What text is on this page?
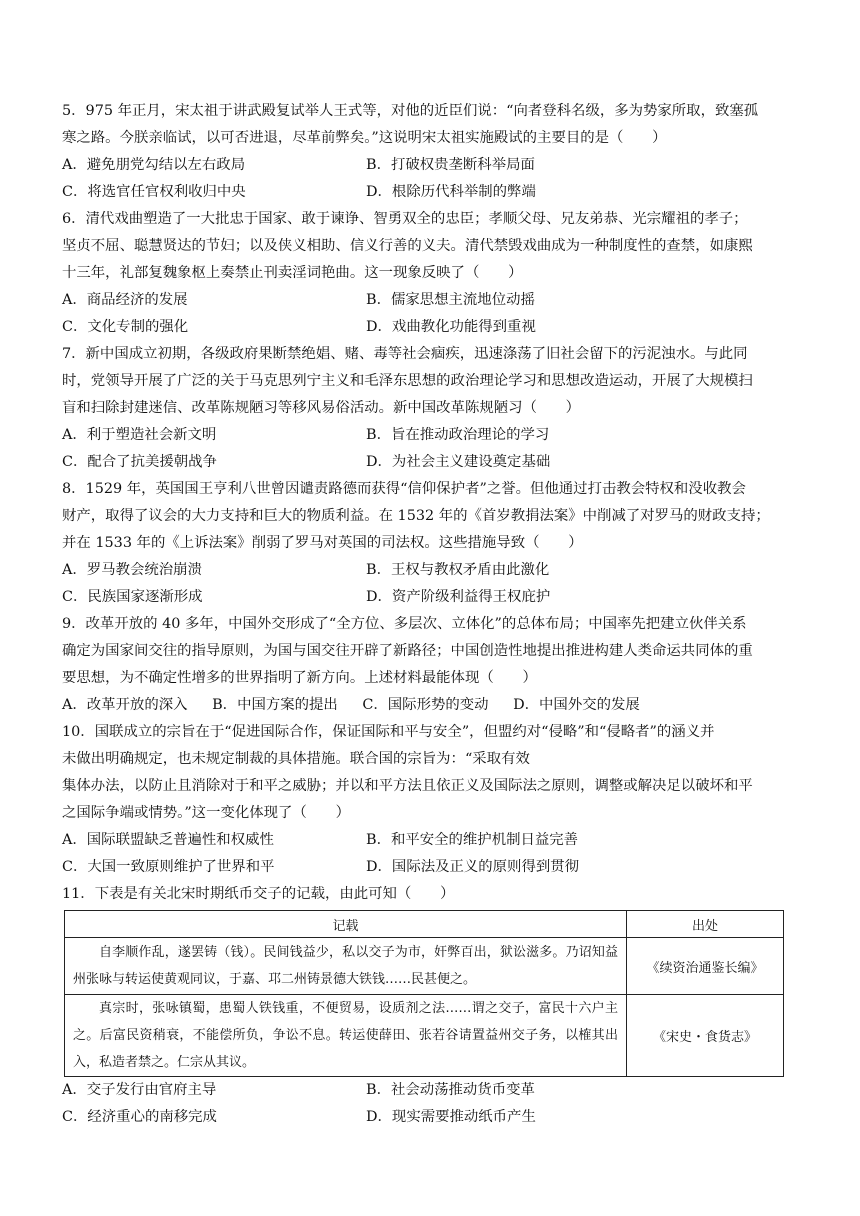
5．975 年正月，宋太祖于讲武殿复试举人王式等，对他的近臣们说：“向者登科名级，多为势家所取，致塞孤

寒之路。今朕亲临试，以可否进退，尽革前弊矣。”这说明宋太祖实施殿试的主要目的是（　　）

A．避免朋党勾结以左右政局	B．打破权贵垄断科举局面
C．将选官任官权利收归中央	D．根除历代科举制的弊端

6．清代戏曲塑造了一大批忠于国家、敢于谏诤、智勇双全的忠臣；孝顺父母、兄友弟恭、光宗耀祖的孝子；

坚贞不屈、聪慧贤达的节妇；以及侠义相助、信义行善的义夫。清代禁毁戏曲成为一种制度性的查禁，如康熙

十三年，礼部复魏象枢上奏禁止刊卖淫词艳曲。这一现象反映了（　　）

A．商品经济的发展	B．儒家思想主流地位动摇
C．文化专制的强化	D．戏曲教化功能得到重视

7．新中国成立初期，各级政府果断禁绝娼、赌、毒等社会痼疾，迅速涤荡了旧社会留下的污泥浊水。与此同

时，党领导开展了广泛的关于马克思列宁主义和毛泽东思想的政治理论学习和思想改造运动，开展了大规模扫

盲和扫除封建迷信、改革陈规陋习等移风易俗活动。新中国改革陈规陋习（　　）

A．利于塑造社会新文明	B．旨在推动政治理论的学习
C．配合了抗美援朝战争	D．为社会主义建设奠定基础

8．1529 年，英国国王亨利八世曾因谴责路德而获得“信仰保护者”之誉。但他通过打击教会特权和没收教会

财产，取得了议会的大力支持和巨大的物质利益。在 1532 年的《首岁教捐法案》中削减了对罗马的财政支持；

并在 1533 年的《上诉法案》削弱了罗马对英国的司法权。这些措施导致（　　）

A．罗马教会统治崩溃	B．王权与教权矛盾由此激化
C．民族国家逐渐形成	D．资产阶级利益得王权庇护

9．改革开放的 40 多年，中国外交形成了“全方位、多层次、立体化”的总体布局；中国率先把建立伙伴关系

确定为国家间交往的指导原则，为国与国交往开辟了新路径；中国创造性地提出推进构建人类命运共同体的重

要思想，为不确定性增多的世界指明了新方向。上述材料最能体现（　　）

A．改革开放的深入 B．中国方案的提出 C．国际形势的变动 D．中国外交的发展

10．国联成立的宗旨在于“促进国际合作，保证国际和平与安全”，但盟约对“侵略”和“侵略者”的涵义并

未做出明确规定，也未规定制裁的具体措施。联合国的宗旨为：“采取有效

集体办法，以防止且消除对于和平之威胁；并以和平方法且依正义及国际法之原则，调整或解决足以破坏和平

之国际争端或情势。”这一变化体现了（　　）

A．国际联盟缺乏普遍性和权威性	B．和平安全的维护机制日益完善
C．大国一致原则维护了世界和平	D．国际法及正义的原则得到贯彻

11．下表是有关北宋时期纸币交子的记载，由此可知（　　）

记载	出处
自李顺作乱，遂罢铸（钱）。民间钱益少，私以交子为市，奸弊百出，狱讼滋多。乃诏知益州张咏与转运使黄观同议，于嘉、邛二州铸景德大铁钱……民甚便之。	《续资治通鉴长编》
真宗时，张咏镇蜀，患蜀人铁钱重，不便贸易，设质剂之法……谓之交子，富民十六户主之。后富民资稍衰，不能偿所负，争讼不息。转运使薛田、张若谷请置益州交子务，以榷其出入，私造者禁之。仁宗从其议。	《宋史・食货志》
A．交子发行由官府主导	B．社会动荡推动货币变革
C．经济重心的南移完成	D．现实需要推动纸币产生
